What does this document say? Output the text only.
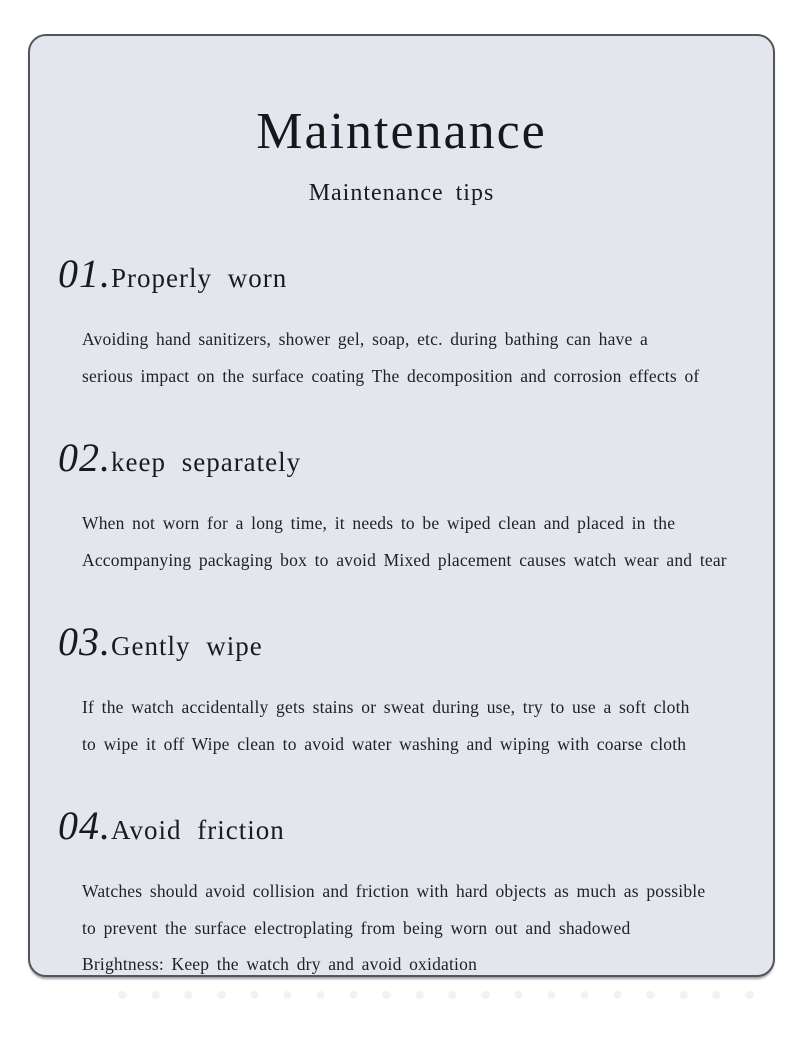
Maintenance
Maintenance tips
01.Properly worn

Avoiding hand sanitizers, shower gel, soap, etc. during bathing can have a
serious impact on the surface coating The decomposition and corrosion effects of

02.keep separately

When not worn for a long time, it needs to be wiped clean and placed in the
Accompanying packaging box to avoid Mixed placement causes watch wear and tear

03.Gently wipe

If the watch accidentally gets stains or sweat during use, try to use a soft cloth
to wipe it off Wipe clean to avoid water washing and wiping with coarse cloth

04.Avoid friction

Watches should avoid collision and friction with hard objects as much as possible
to prevent the surface electroplating from being worn out and shadowed
Brightness: Keep the watch dry and avoid oxidation
